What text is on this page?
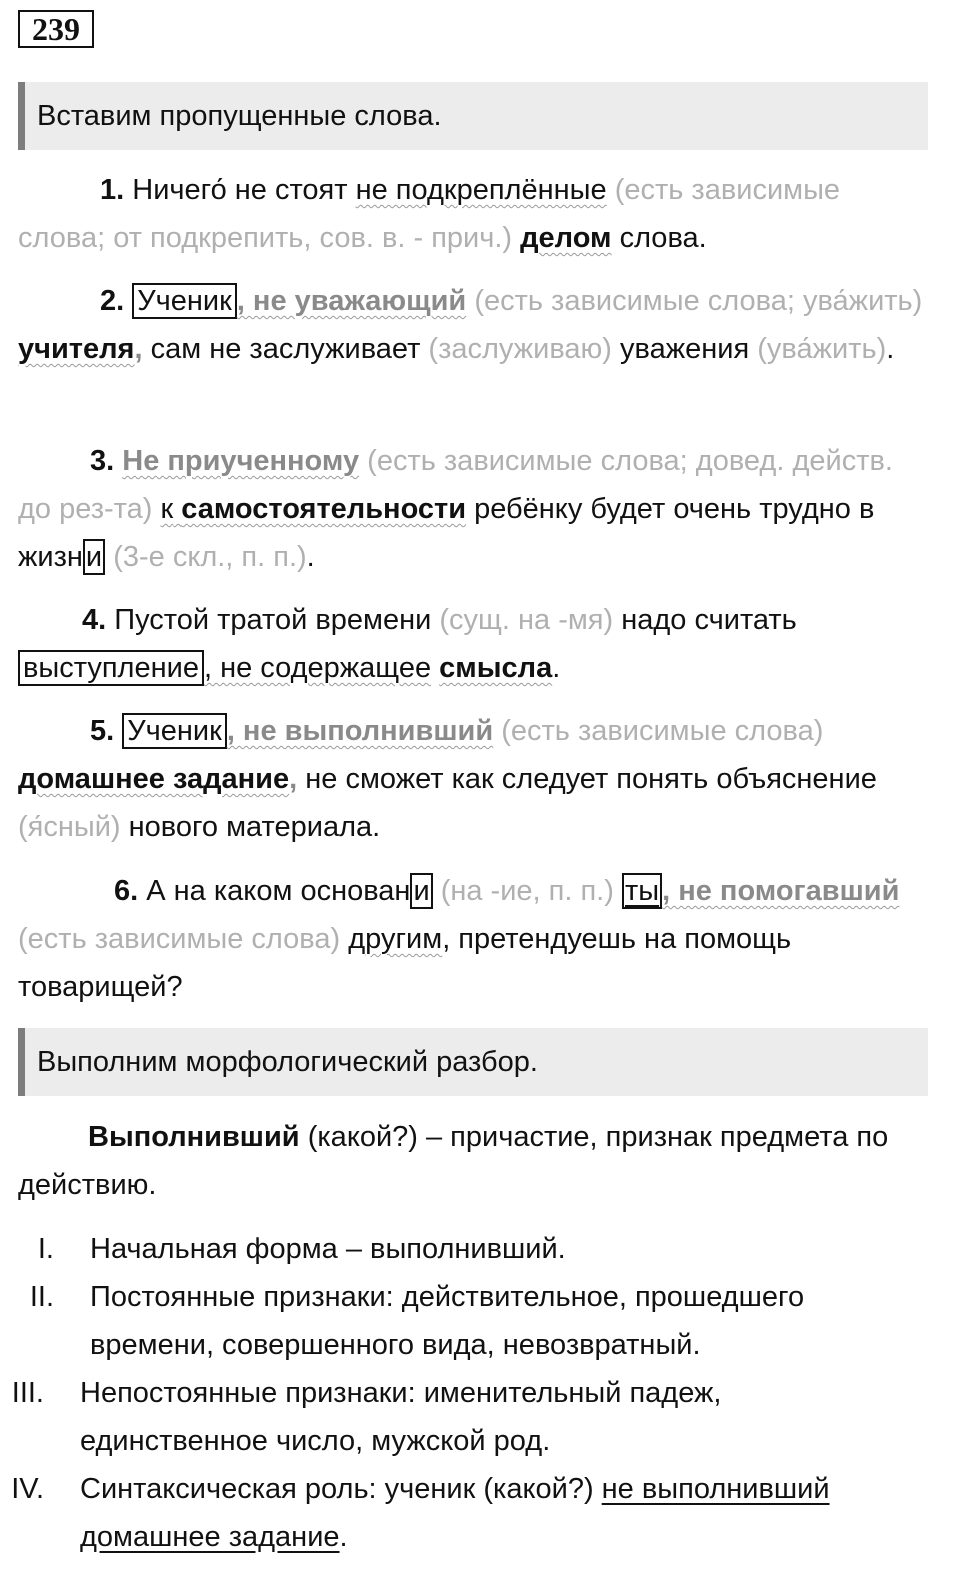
239
Вставим пропущенные слова.

1. Ничего́ не стоят не подкреплённые (есть зависимые слова; от подкрепить, сов. в. - прич.) делом слова.

2. Ученик , не уважающий (есть зависимые слова; ува́жить) учителя, сам не заслуживает (заслуживаю) уважения (ува́жить).

3. Не приученному (есть зависимые слова; довед. действ. до рез-та) к самостоятельности ребёнку будет очень трудно в жизн и (3-е скл., п. п.).

4. Пустой тратой времени (сущ. на -мя) надо считать выступление , не содержащее смысла.

5. Ученик , не выполнивший (есть зависимые слова) домашнее задание, не сможет как следует понять объяснение (я́сный) нового материала.

6. А на каком основан и (на -ие, п. п.) ты , не помогавший (есть зависимые слова) другим, претендуешь на помощь товарищей?

Выполним морфологический разбор.

Выполнивший (какой?) – причастие, признак предмета по действию.

I. Начальная форма – выполнивший.
II. Постоянные признаки: действительное, прошедшего времени, совершенного вида, невозвратный.
III. Непостоянные признаки: именительный падеж, единственное число, мужской род.
IV. Синтаксическая роль: ученик (какой?) не выполнивший домашнее задание.
